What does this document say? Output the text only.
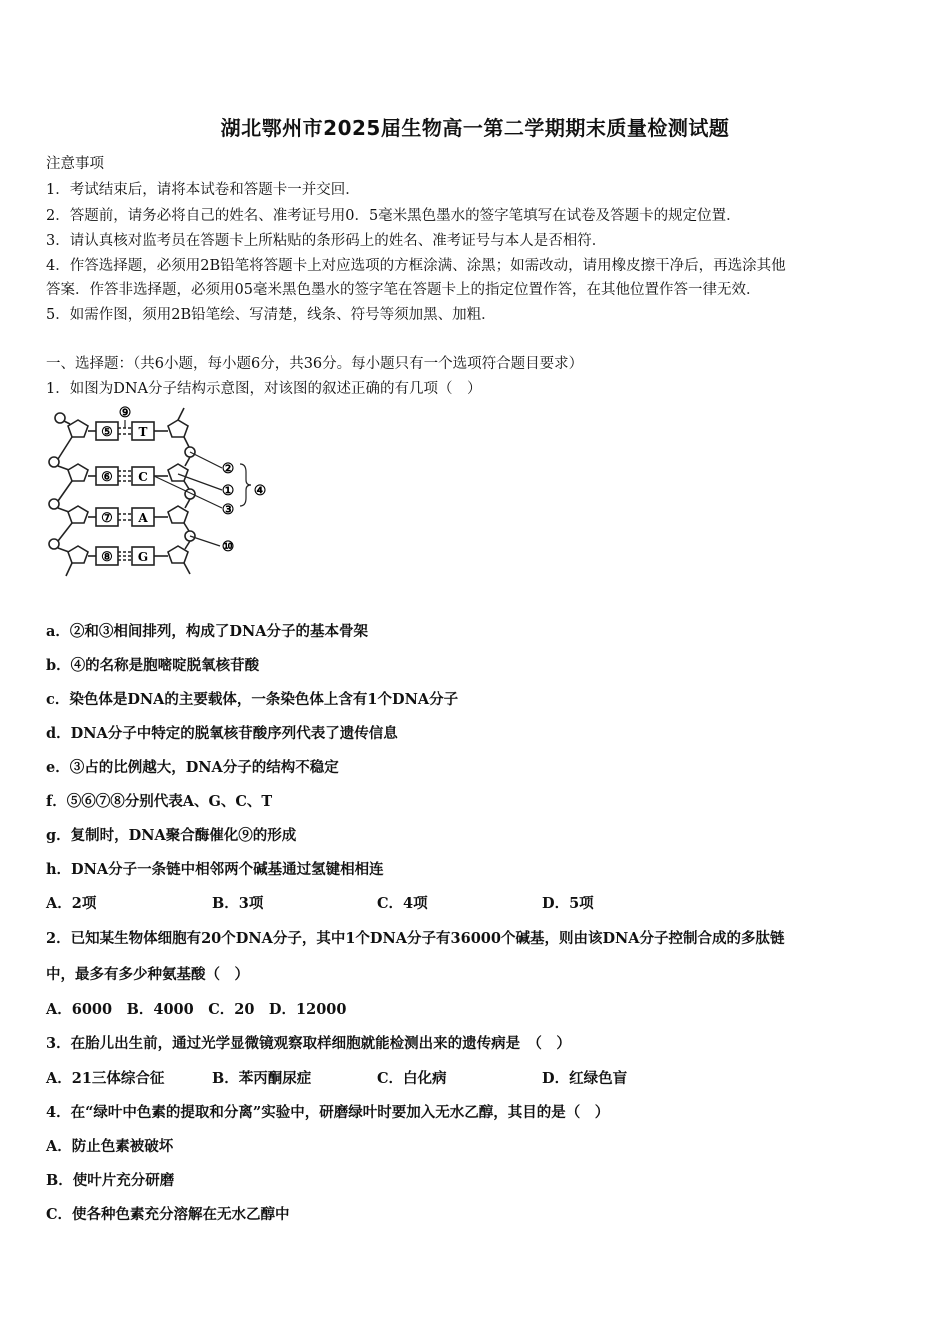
湖北鄂州市2025届生物高一第二学期期末质量检测试题
注意事项
1．考试结束后，请将本试卷和答题卡一并交回．
2．答题前，请务必将自己的姓名、准考证号用0．5毫米黑色墨水的签字笔填写在试卷及答题卡的规定位置．
3．请认真核对监考员在答题卡上所粘贴的条形码上的姓名、准考证号与本人是否相符．
4．作答选择题，必须用2B铅笔将答题卡上对应选项的方框涂满、涂黑；如需改动，请用橡皮擦干净后，再选涂其他
答案．作答非选择题，必须用05毫米黑色墨水的签字笔在答题卡上的指定位置作答，在其他位置作答一律无效．
5．如需作图，须用2B铅笔绘、写清楚，线条、符号等须加黑、加粗．
一、选择题：（共6小题，每小题6分，共36分。每小题只有一个选项符合题目要求）
1．如图为DNA分子结构示意图，对该图的叙述正确的有几项（　）
T
C
A
G
⑤
⑥
⑦
⑧
⑨
②
①
③
④
⑩
a．②和③相间排列，构成了DNA分子的基本骨架
b．④的名称是胞嘧啶脱氧核苷酸
c．染色体是DNA的主要载体，一条染色体上含有1个DNA分子
d．DNA分子中特定的脱氧核苷酸序列代表了遗传信息
e．③占的比例越大，DNA分子的结构不稳定
f．⑤⑥⑦⑧分别代表A、G、C、T
g．复制时，DNA聚合酶催化⑨的形成
h．DNA分子一条链中相邻两个碱基通过氢键相相连
A．2项	B．3项	C．4项	D．5项
2．已知某生物体细胞有20个DNA分子，其中1个DNA分子有36000个碱基，则由该DNA分子控制合成的多肽链
中，最多有多少种氨基酸（　）
A．6000　B．4000　C．20　D．12000
3．在胎儿出生前，通过光学显微镜观察取样细胞就能检测出来的遗传病是　（　）
A．21三体综合征	B．苯丙酮尿症	C．白化病	D．红绿色盲
4．在“绿叶中色素的提取和分离”实验中，研磨绿叶时要加入无水乙醇，其目的是（　）
A．防止色素被破坏
B．使叶片充分研磨
C．使各种色素充分溶解在无水乙醇中
